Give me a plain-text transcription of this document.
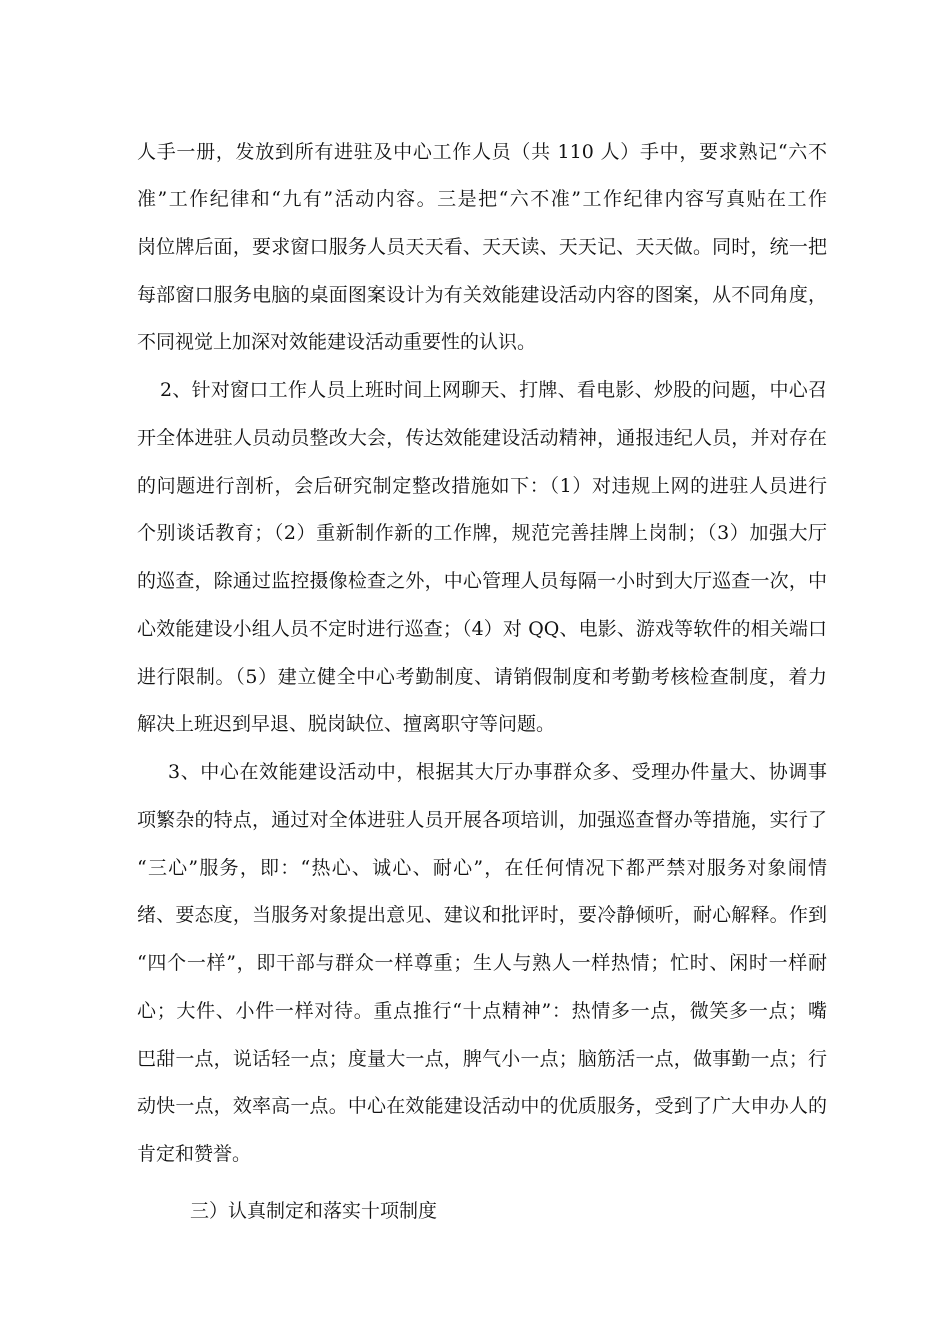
人手一册，发放到所有进驻及中心工作人员（共 110 人）手中，要求熟记“六不
准”工作纪律和“九有”活动内容。三是把“六不准”工作纪律内容写真贴在工作
岗位牌后面，要求窗口服务人员天天看、天天读、天天记、天天做。同时，统一把
每部窗口服务电脑的桌面图案设计为有关效能建设活动内容的图案，从不同角度，
不同视觉上加深对效能建设活动重要性的认识。
2、针对窗口工作人员上班时间上网聊天、打牌、看电影、炒股的问题，中心召
开全体进驻人员动员整改大会，传达效能建设活动精神，通报违纪人员，并对存在
的问题进行剖析，会后研究制定整改措施如下：（1）对违规上网的进驻人员进行
个别谈话教育；（2）重新制作新的工作牌，规范完善挂牌上岗制；（3）加强大厅
的巡查，除通过监控摄像检查之外，中心管理人员每隔一小时到大厅巡查一次，中
心效能建设小组人员不定时进行巡查；（4）对 QQ、电影、游戏等软件的相关端口
进行限制。（5）建立健全中心考勤制度、请销假制度和考勤考核检查制度，着力
解决上班迟到早退、脱岗缺位、擅离职守等问题。
3、中心在效能建设活动中，根据其大厅办事群众多、受理办件量大、协调事
项繁杂的特点，通过对全体进驻人员开展各项培训，加强巡查督办等措施，实行了
“三心”服务，即：“热心、诚心、耐心”，在任何情况下都严禁对服务对象闹情
绪、要态度，当服务对象提出意见、建议和批评时，要冷静倾听，耐心解释。作到
“四个一样”，即干部与群众一样尊重；生人与熟人一样热情；忙时、闲时一样耐
心；大件、小件一样对待。重点推行“十点精神”：热情多一点，微笑多一点；嘴
巴甜一点，说话轻一点；度量大一点，脾气小一点；脑筋活一点，做事勤一点；行
动快一点，效率高一点。中心在效能建设活动中的优质服务，受到了广大申办人的
肯定和赞誉。
三）认真制定和落实十项制度
